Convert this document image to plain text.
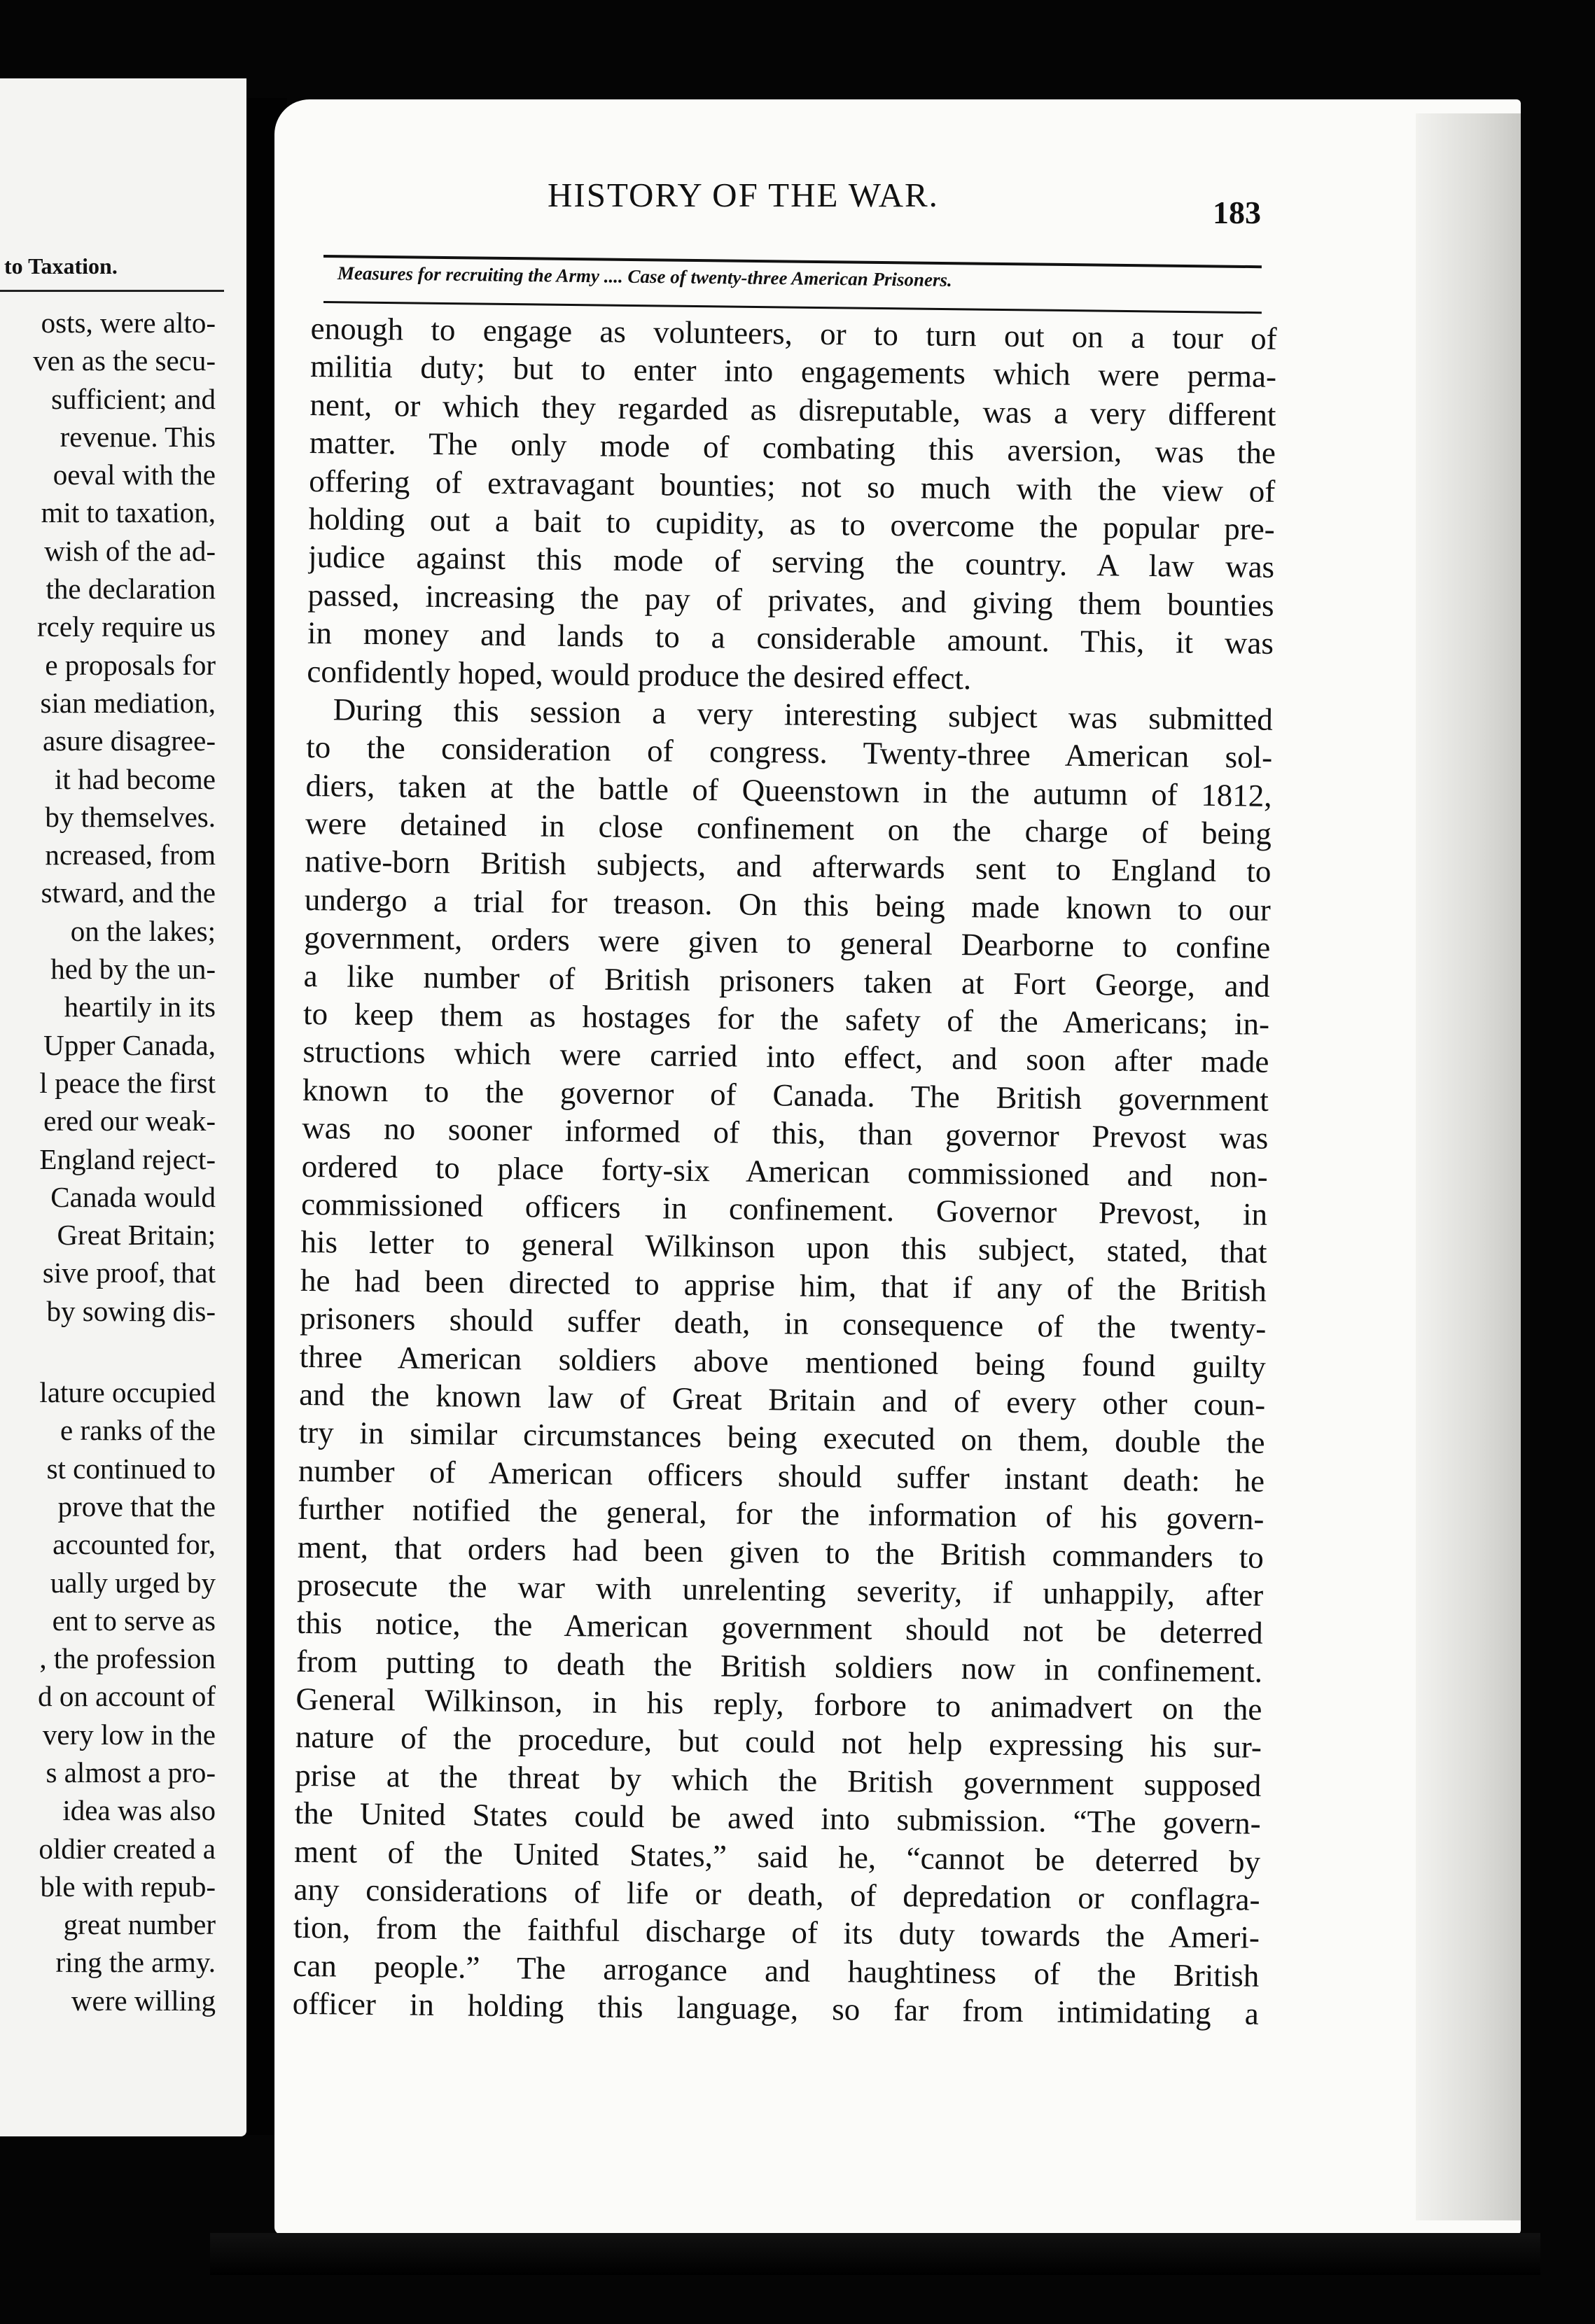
to Taxation.
osts, were alto-
ven as the secu-
sufficient; and
revenue. This
oeval with the
mit to taxation,
wish of the ad-
the declaration
rcely require us
e proposals for
sian mediation,
asure disagree-
it had become
by themselves.
ncreased, from
stward, and the
on the lakes;
hed by the un-
heartily in its
Upper Canada,
l peace the first
ered our weak-
England reject-
Canada would
Great Britain;
sive proof, that
by sowing dis-
lature occupied
e ranks of the
st continued to
prove that the
accounted for,
ually urged by
ent to serve as
, the profession
d on account of
very low in the
s almost a pro-
idea was also
oldier created a
ble with repub-
great number
ring the army.
were willing
HISTORY OF THE WAR.	183
Measures for recruiting the Army .... Case of twenty-three American Prisoners.
enough to engage as volunteers, or to turn out on a tour of
militia duty; but to enter into engagements which were perma-
nent, or which they regarded as disreputable, was a very different
matter. The only mode of combating this aversion, was the
offering of extravagant bounties; not so much with the view of
holding out a bait to cupidity, as to overcome the popular pre-
judice against this mode of serving the country. A law was
passed, increasing the pay of privates, and giving them bounties
in money and lands to a considerable amount. This, it was
confidently hoped, would produce the desired effect.
During this session a very interesting subject was submitted
to the consideration of congress. Twenty-three American sol-
diers, taken at the battle of Queenstown in the autumn of 1812,
were detained in close confinement on the charge of being
native-born British subjects, and afterwards sent to England to
undergo a trial for treason. On this being made known to our
government, orders were given to general Dearborne to confine
a like number of British prisoners taken at Fort George, and
to keep them as hostages for the safety of the Americans; in-
structions which were carried into effect, and soon after made
known to the governor of Canada. The British government
was no sooner informed of this, than governor Prevost was
ordered to place forty-six American commissioned and non-
commissioned officers in confinement. Governor Prevost, in
his letter to general Wilkinson upon this subject, stated, that
he had been directed to apprise him, that if any of the British
prisoners should suffer death, in consequence of the twenty-
three American soldiers above mentioned being found guilty
and the known law of Great Britain and of every other coun-
try in similar circumstances being executed on them, double the
number of American officers should suffer instant death: he
further notified the general, for the information of his govern-
ment, that orders had been given to the British commanders to
prosecute the war with unrelenting severity, if unhappily, after
this notice, the American government should not be deterred
from putting to death the British soldiers now in confinement.
General Wilkinson, in his reply, forbore to animadvert on the
nature of the procedure, but could not help expressing his sur-
prise at the threat by which the British government supposed
the United States could be awed into submission. “The govern-
ment of the United States,” said he, “cannot be deterred by
any considerations of life or death, of depredation or conflagra-
tion, from the faithful discharge of its duty towards the Ameri-
can people.” The arrogance and haughtiness of the British
officer in holding this language, so far from intimidating a
